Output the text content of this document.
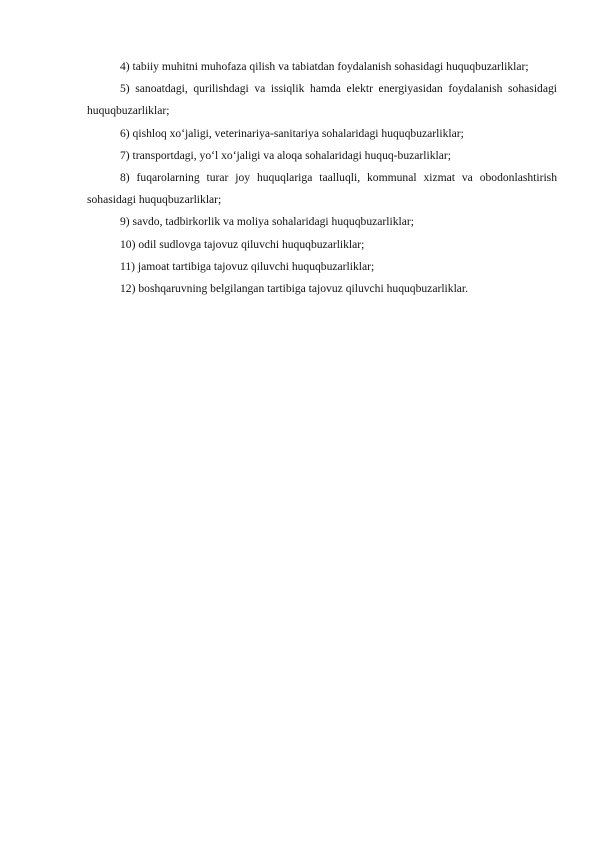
4) tabiiy muhitni muhofaza qilish va tabiatdan foydalanish sohasidagi huquqbuzarliklar;

5) sanoatdagi, qurilishdagi va issiqlik hamda elektr energiyasidan foydalanish sohasidagi huquqbuzarliklar;

6) qishloq xo‘jaligi, veterinariya-sanitariya sohalaridagi huquqbuzarliklar;

7) transportdagi, yo‘l xo‘jaligi va aloqa sohalaridagi huquq-buzarliklar;

8) fuqarolarning turar joy huquqlariga taalluqli, kommunal xizmat va obodonlashtirish sohasidagi huquqbuzarliklar;

9) savdo, tadbirkorlik va moliya sohalaridagi huquqbuzarliklar;

10) odil sudlovga tajovuz qiluvchi huquqbuzarliklar;

11) jamoat tartibiga tajovuz qiluvchi huquqbuzarliklar;

12) boshqaruvning belgilangan tartibiga tajovuz qiluvchi huquqbuzarliklar.
